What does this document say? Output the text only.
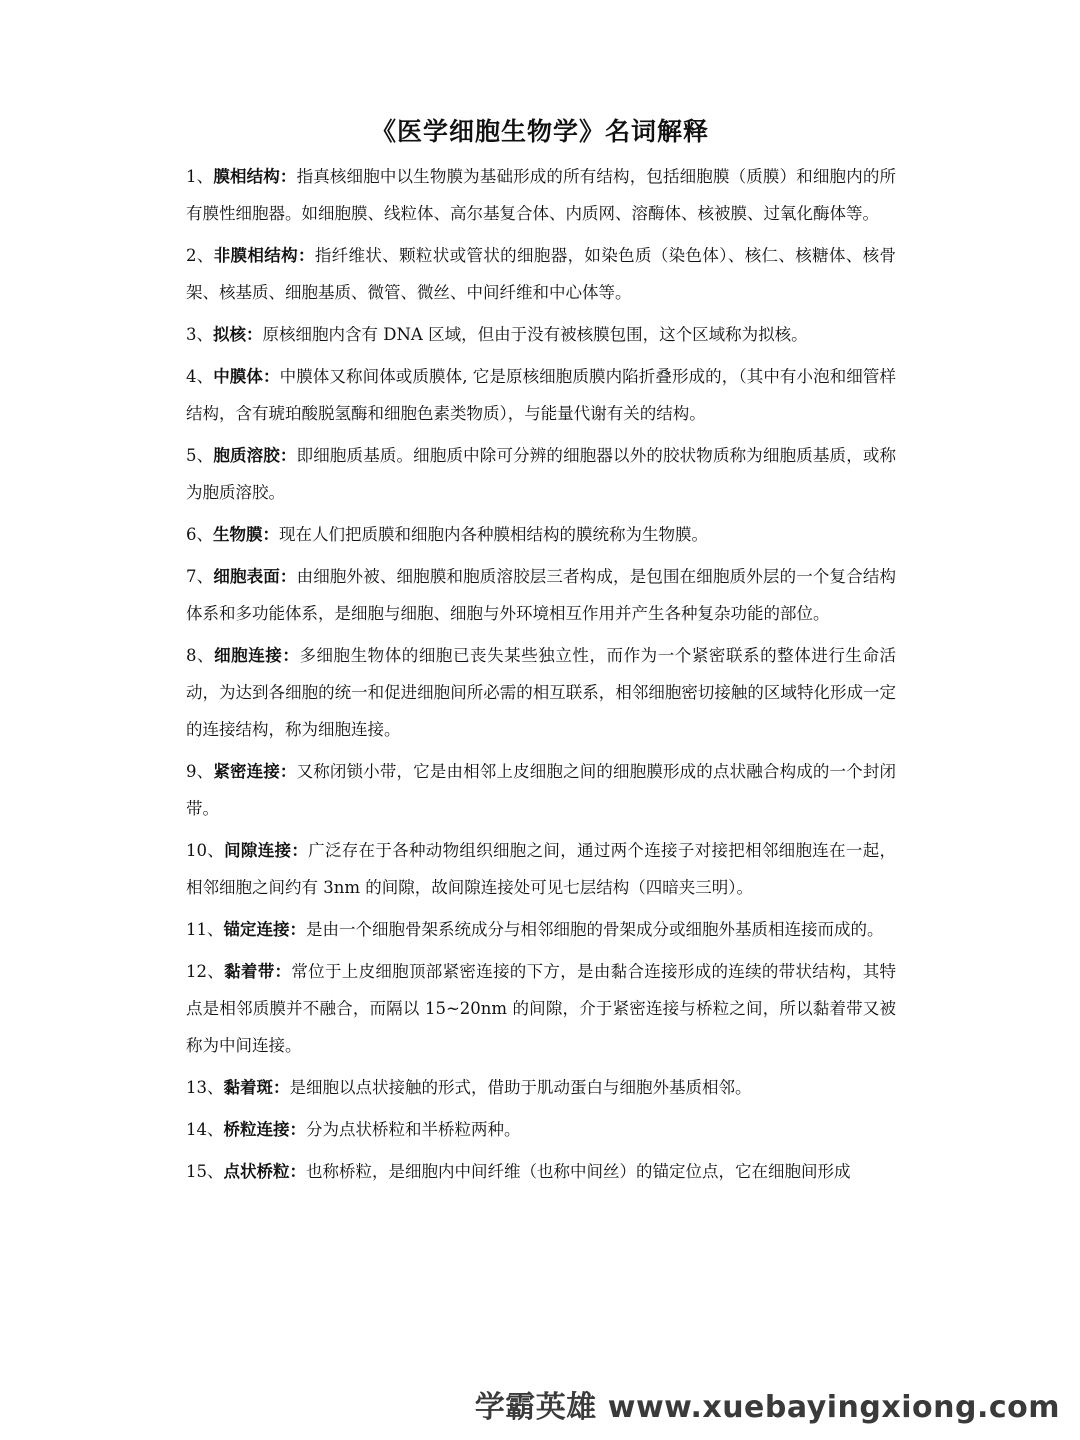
《医学细胞生物学》名词解释

1、膜相结构：指真核细胞中以生物膜为基础形成的所有结构，包括细胞膜（质膜）和细胞内的所有膜性细胞器。如细胞膜、线粒体、高尔基复合体、内质网、溶酶体、核被膜、过氧化酶体等。

2、非膜相结构：指纤维状、颗粒状或管状的细胞器，如染色质（染色体）、核仁、核糖体、核骨架、核基质、细胞基质、微管、微丝、中间纤维和中心体等。

3、拟核：原核细胞内含有 DNA 区域，但由于没有被核膜包围，这个区域称为拟核。

4、中膜体：中膜体又称间体或质膜体, 它是原核细胞质膜内陷折叠形成的，（其中有小泡和细管样结构，含有琥珀酸脱氢酶和细胞色素类物质），与能量代谢有关的结构。

5、胞质溶胶：即细胞质基质。细胞质中除可分辨的细胞器以外的胶状物质称为细胞质基质，或称为胞质溶胶。

6、生物膜：现在人们把质膜和细胞内各种膜相结构的膜统称为生物膜。

7、细胞表面：由细胞外被、细胞膜和胞质溶胶层三者构成，是包围在细胞质外层的一个复合结构体系和多功能体系，是细胞与细胞、细胞与外环境相互作用并产生各种复杂功能的部位。

8、细胞连接：多细胞生物体的细胞已丧失某些独立性，而作为一个紧密联系的整体进行生命活动，为达到各细胞的统一和促进细胞间所必需的相互联系，相邻细胞密切接触的区域特化形成一定的连接结构，称为细胞连接。

9、紧密连接：又称闭锁小带，它是由相邻上皮细胞之间的细胞膜形成的点状融合构成的一个封闭带。

10、间隙连接：广泛存在于各种动物组织细胞之间，通过两个连接子对接把相邻细胞连在一起，相邻细胞之间约有 3nm 的间隙，故间隙连接处可见七层结构（四暗夹三明）。

11、锚定连接：是由一个细胞骨架系统成分与相邻细胞的骨架成分或细胞外基质相连接而成的。

12、黏着带：常位于上皮细胞顶部紧密连接的下方，是由黏合连接形成的连续的带状结构，其特点是相邻质膜并不融合，而隔以 15~20nm 的间隙，介于紧密连接与桥粒之间，所以黏着带又被称为中间连接。

13、黏着斑：是细胞以点状接触的形式，借助于肌动蛋白与细胞外基质相邻。

14、桥粒连接：分为点状桥粒和半桥粒两种。

15、点状桥粒：也称桥粒，是细胞内中间纤维（也称中间丝）的锚定位点，它在细胞间形成

学霸英雄 www.xuebayingxiong.com
